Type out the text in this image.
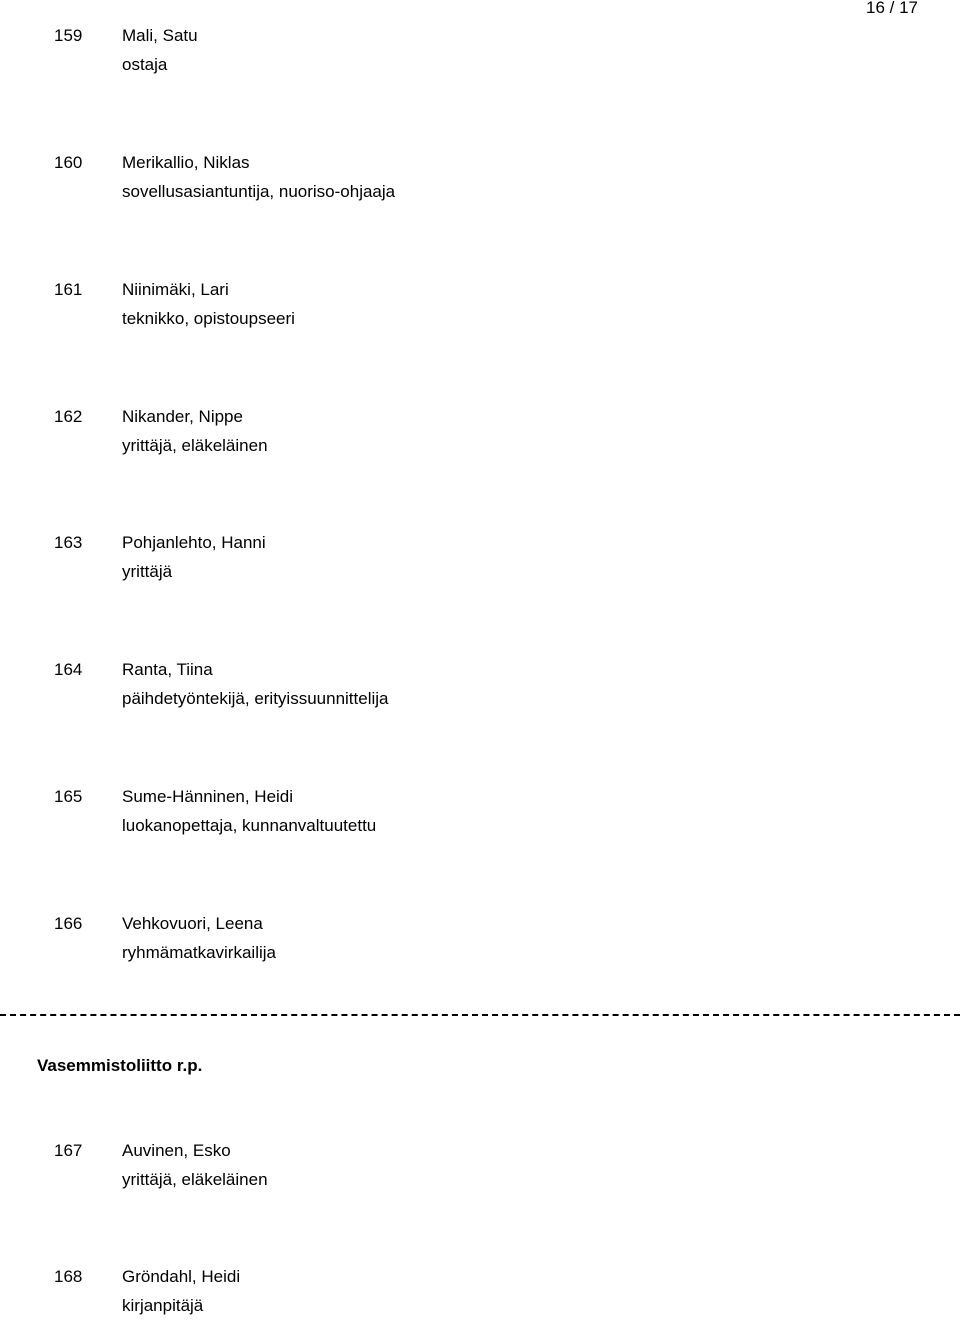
16 / 17
159 Mali, Satu
ostaja
160 Merikallio, Niklas
sovellusasiantuntija, nuoriso-ohjaaja
161 Niinimäki, Lari
teknikko, opistoupseeri
162 Nikander, Nippe
yrittäjä, eläkeläinen
163 Pohjanlehto, Hanni
yrittäjä
164 Ranta, Tiina
päihdetyöntekijä, erityissuunnittelija
165 Sume-Hänninen, Heidi
luokanopettaja, kunnanvaltuutettu
166 Vehkovuori, Leena
ryhmämatkavirkailija
Vasemmistoliitto r.p.
167 Auvinen, Esko
yrittäjä, eläkeläinen
168 Gröndahl, Heidi
kirjanpitäjä
